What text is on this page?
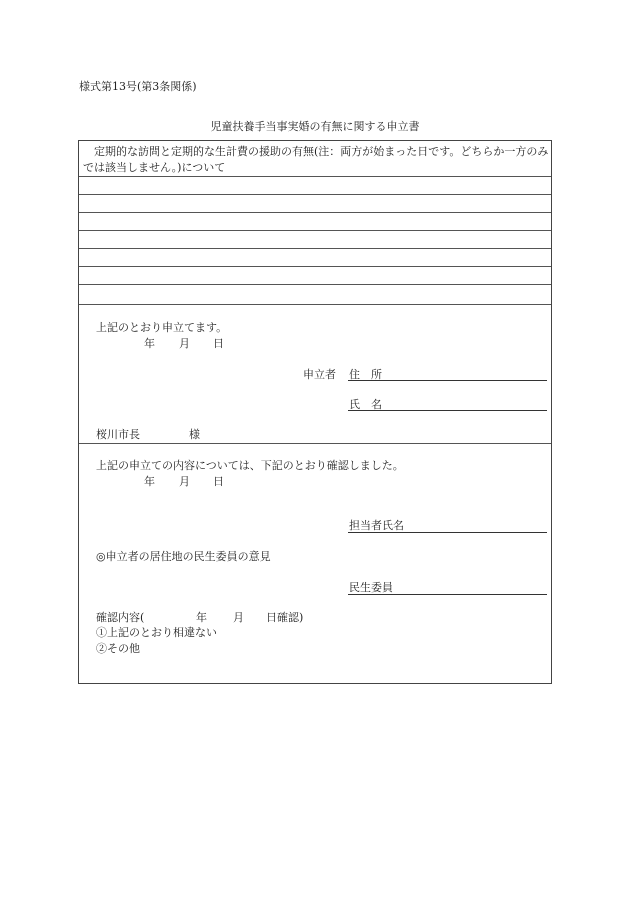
様式第13号(第3条関係)
児童扶養手当事実婚の有無に関する申立書
定期的な訪問と定期的な生計費の援助の有無(注：両方が始まった日です。どちらか一方のみでは該当しません。)について
上記のとおり申立てます。
年 月 日
申立者 住　所
氏　名
桜川市長	様
上記の申立ての内容については、下記のとおり確認しました。
年 月 日
担当者氏名
◎申立者の居住地の民生委員の意見
民生委員
確認内容(	年 月 日確認)
①上記のとおり相違ない
②その他
